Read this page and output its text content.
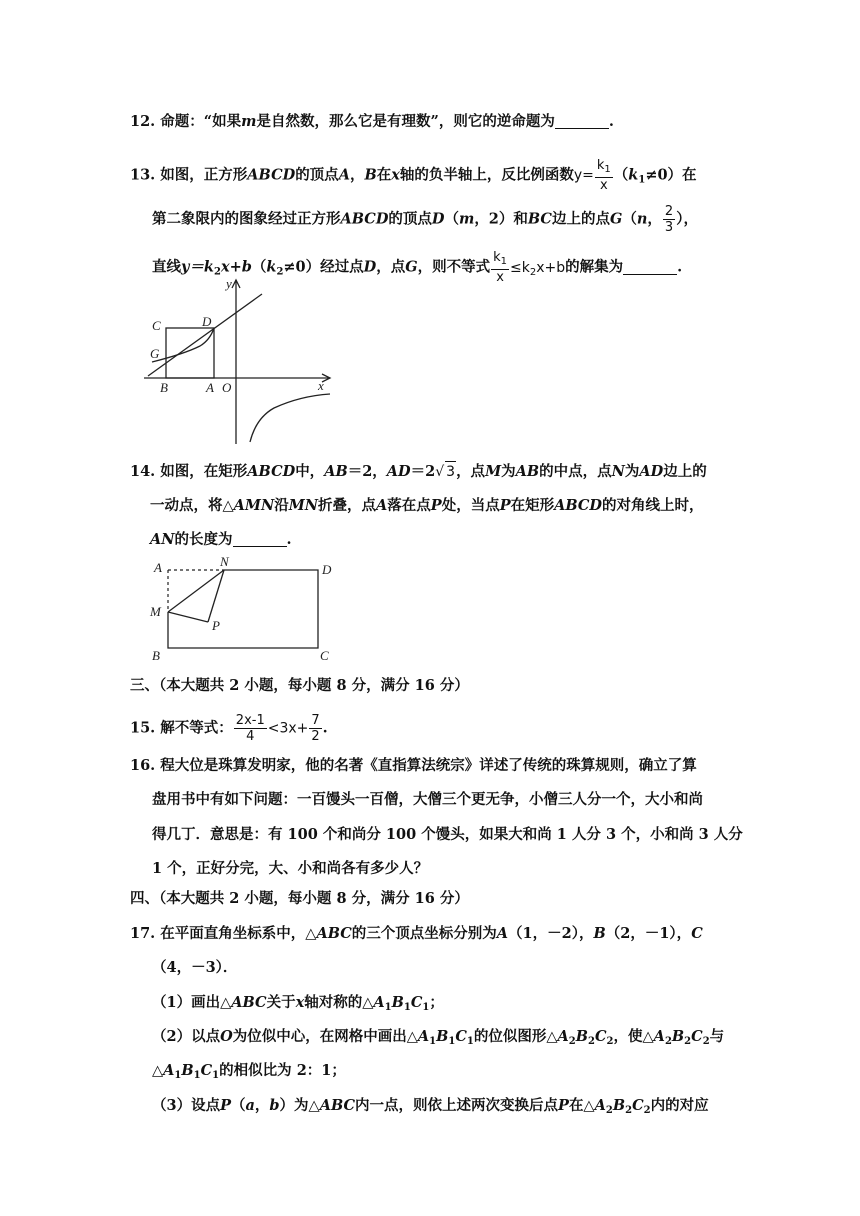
12. 命题：“如果m是自然数，那么它是有理数”，则它的逆命题为	.
13. 如图，正方形ABCD的顶点A，B在x轴的负半轴上，反比例函数$y= \frac{k_1}{x} (k_1\ne 0)$在
第二象限内的图象经过正方形ABCD的顶点D（m，2）和BC边上的点G（n， $\frac{2}{3}$ ），
直线$y=k_2x+b(k_2\ne 0)$经过点D，点G，则不等式 $\frac{k_1}{x} \le k_2x+b$的解集为	.
C	D
G
B	A O	x
y
14. 如图，在矩形ABCD中，AB＝2，AD＝2√ 3，点M为AB的中点，点N为AD边上的
一动点，将△AMN沿MN折叠，点A落在点P处，当点P在矩形ABCD的对角线上时，
AN的长度为	.
A	N
D
M
P
B	C
三、（本大题共 2 小题，每小题 8 分，满分 16 分）
15. 解不等式： $\frac{2x-1}{4} <3x+ \frac{7}{2}$ .
16. 程大位是珠算发明家，他的名著《直指算法统宗》详述了传统的珠算规则，确立了算
盘用书中有如下问题：一百馒头一百僧，大僧三个更无争，小僧三人分一个，大小和尚
得几丁．意思是：有 100 个和尚分 100 个馒头，如果大和尚 1 人分 3 个，小和尚 3 人分
1 个，正好分完，大、小和尚各有多少人？
四、（本大题共 2 小题，每小题 8 分，满分 16 分）
17. 在平面直角坐标系中，△ABC的三个顶点坐标分别为A（1，－2），B（2，－1），C
（4，－3）．
（1）画出△ABC关于x轴对称的$\triangle A_1B_1C_1$；
（2）以点O为位似中心，在网格中画出$\triangle A_1B_1C_1$的位似图形$\triangle A_2B_2C_2$，使$\triangle A_2B_2C_2$与
$\triangle A_1B_1C_1$的相似比为 2：1；
（3）设点P（a，b）为△ABC内一点，则依上述两次变换后点P在$\triangle A_2B_2C_2$内的对应
